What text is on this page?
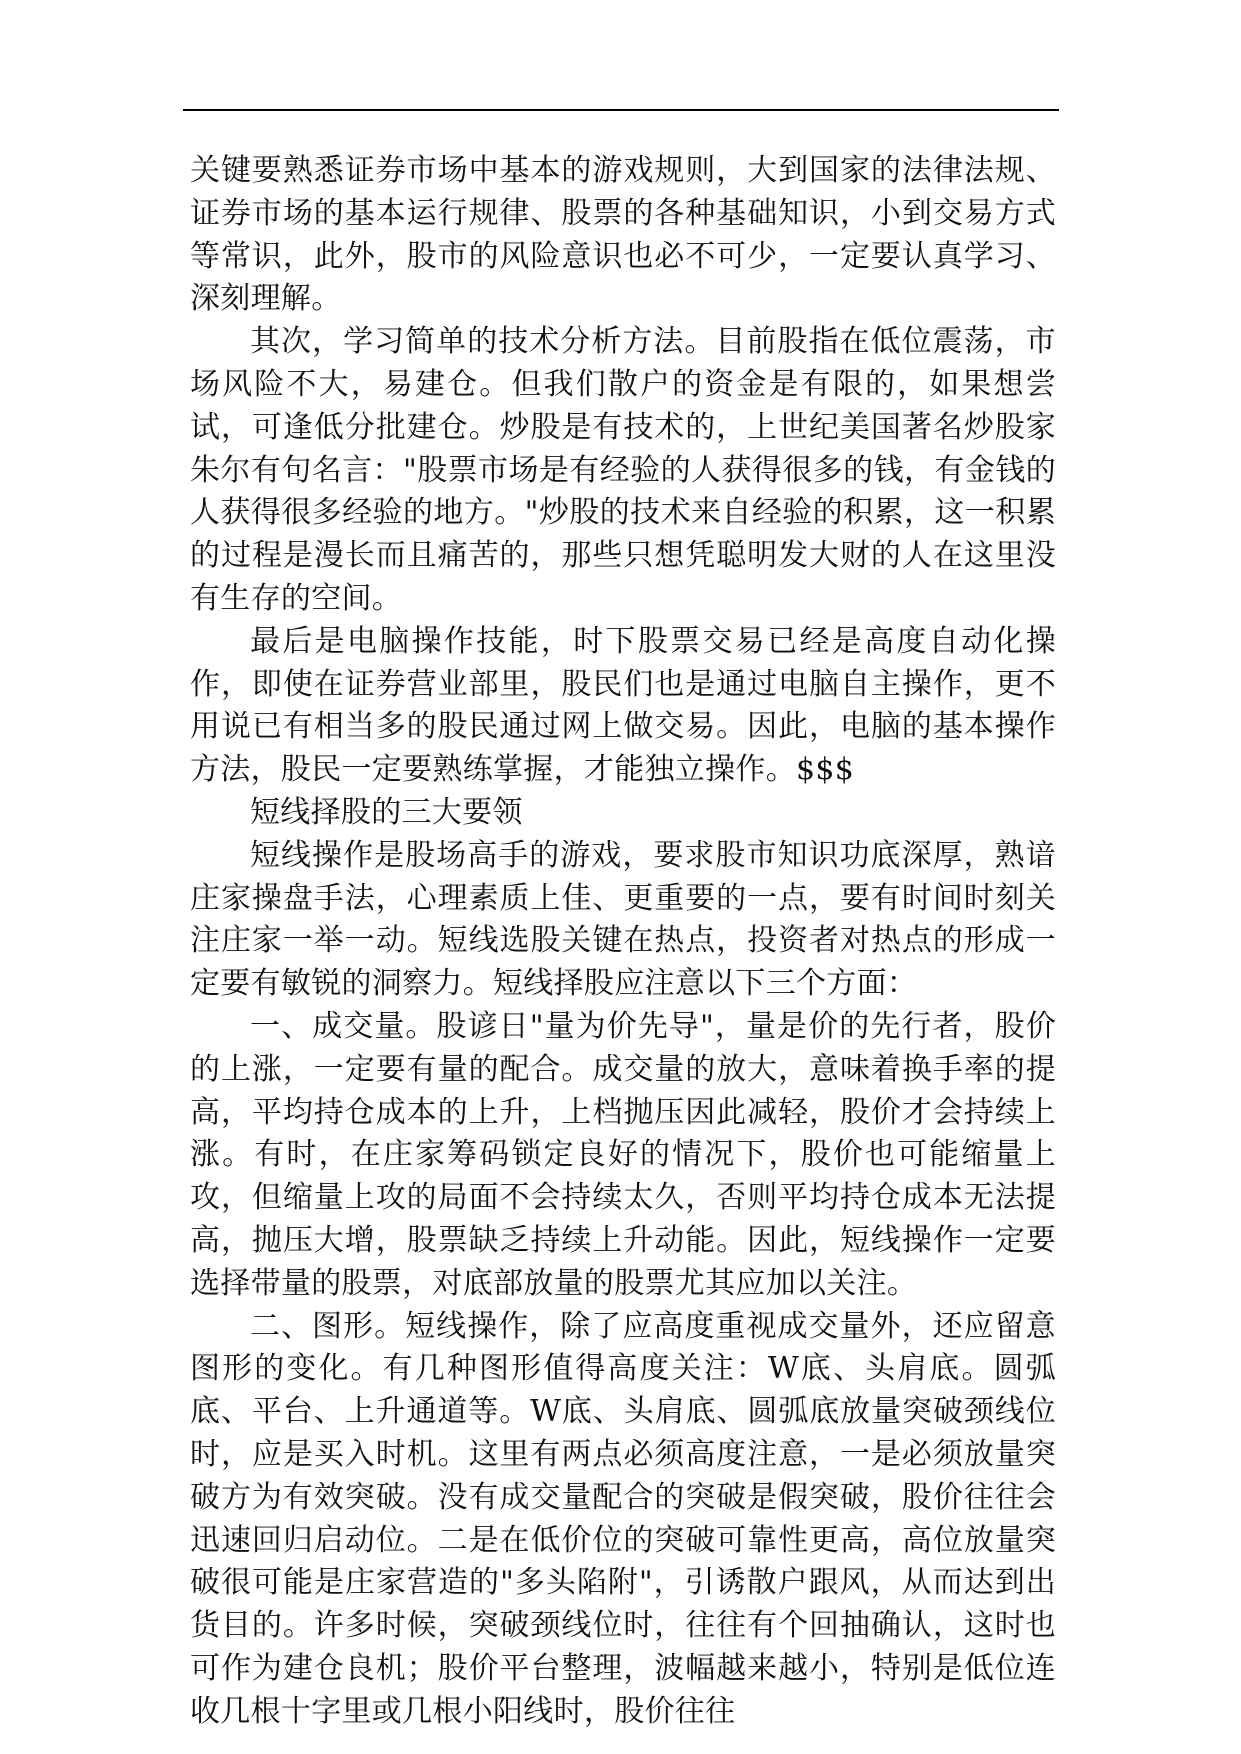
关键要熟悉证券市场中基本的游戏规则，大到国家的法律法规、证券市场的基本运行规律、股票的各种基础知识，小到交易方式等常识，此外，股市的风险意识也必不可少，一定要认真学习、深刻理解。

其次，学习简单的技术分析方法。目前股指在低位震荡，市场风险不大，易建仓。但我们散户的资金是有限的，如果想尝试，可逢低分批建仓。炒股是有技术的，上世纪美国著名炒股家朱尔有句名言："股票市场是有经验的人获得很多的钱，有金钱的人获得很多经验的地方。"炒股的技术来自经验的积累，这一积累的过程是漫长而且痛苦的，那些只想凭聪明发大财的人在这里没有生存的空间。

最后是电脑操作技能，时下股票交易已经是高度自动化操作，即使在证券营业部里，股民们也是通过电脑自主操作，更不用说已有相当多的股民通过网上做交易。因此，电脑的基本操作方法，股民一定要熟练掌握，才能独立操作。$$$

短线择股的三大要领

短线操作是股场高手的游戏，要求股市知识功底深厚，熟谙庄家操盘手法，心理素质上佳、更重要的一点，要有时间时刻关注庄家一举一动。短线选股关键在热点，投资者对热点的形成一定要有敏锐的洞察力。短线择股应注意以下三个方面：

一、成交量。股谚日"量为价先导"，量是价的先行者，股价的上涨，一定要有量的配合。成交量的放大，意味着换手率的提高，平均持仓成本的上升，上档抛压因此减轻，股价才会持续上涨。有时，在庄家筹码锁定良好的情况下，股价也可能缩量上攻，但缩量上攻的局面不会持续太久，否则平均持仓成本无法提高，抛压大增，股票缺乏持续上升动能。因此，短线操作一定要选择带量的股票，对底部放量的股票尤其应加以关注。

二、图形。短线操作，除了应高度重视成交量外，还应留意图形的变化。有几种图形值得高度关注：W底、头肩底。圆弧底、平台、上升通道等。W底、头肩底、圆弧底放量突破颈线位时，应是买入时机。这里有两点必须高度注意，一是必须放量突破方为有效突破。没有成交量配合的突破是假突破，股价往往会迅速回归启动位。二是在低价位的突破可靠性更高，高位放量突破很可能是庄家营造的"多头陷附"，引诱散户跟风，从而达到出货目的。许多时候，突破颈线位时，往往有个回抽确认，这时也可作为建仓良机；股价平台整理，波幅越来越小，特别是低位连收几根十字里或几根小阳线时，股价往往
